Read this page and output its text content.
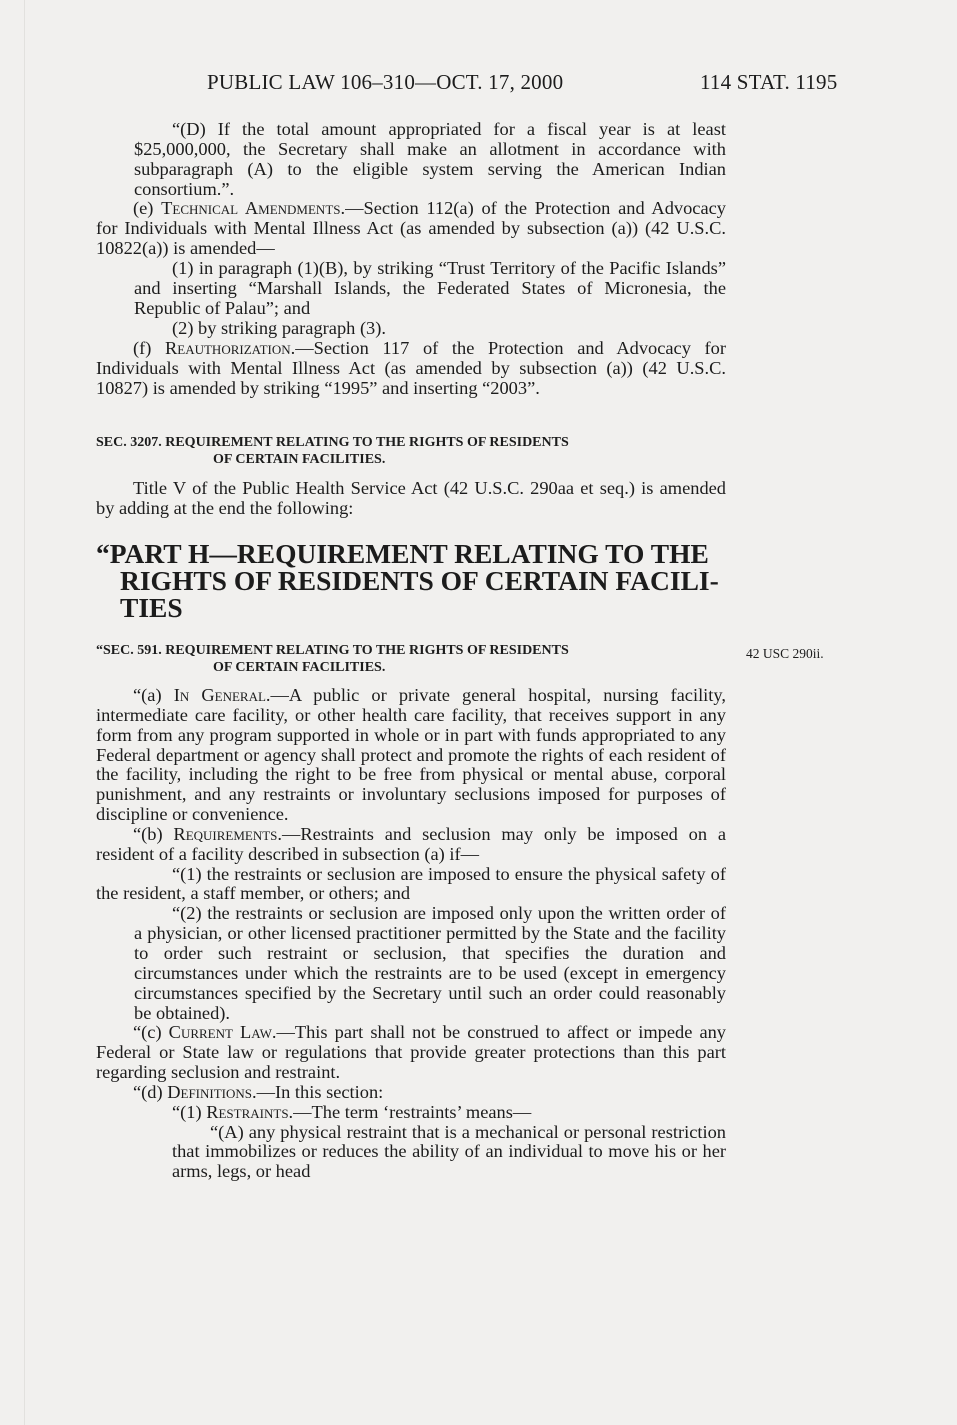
PUBLIC LAW 106–310—OCT. 17, 2000	114 STAT. 1195

“(D) If the total amount appropriated for a fiscal year is at least $25,000,000, the Secretary shall make an allotment in accordance with subparagraph (A) to the eligible system serving the American Indian consortium.”.

(e) Technical Amendments.—Section 112(a) of the Protection and Advocacy for Individuals with Mental Illness Act (as amended by subsection (a)) (42 U.S.C. 10822(a)) is amended—

(1) in paragraph (1)(B), by striking “Trust Territory of the Pacific Islands” and inserting “Marshall Islands, the Federated States of Micronesia, the Republic of Palau”; and

(2) by striking paragraph (3).

(f) Reauthorization.—Section 117 of the Protection and Advocacy for Individuals with Mental Illness Act (as amended by subsection (a)) (42 U.S.C. 10827) is amended by striking “1995” and inserting “2003”.

SEC. 3207. REQUIREMENT RELATING TO THE RIGHTS OF RESIDENTS
OF CERTAIN FACILITIES.

Title V of the Public Health Service Act (42 U.S.C. 290aa et seq.) is amended by adding at the end the following:

“PART H—REQUIREMENT RELATING TO THE
RIGHTS OF RESIDENTS OF CERTAIN FACILI-
TIES

“SEC. 591. REQUIREMENT RELATING TO THE RIGHTS OF RESIDENTS
OF CERTAIN FACILITIES.

42 USC 290ii.

“(a) In General.—A public or private general hospital, nursing facility, intermediate care facility, or other health care facility, that receives support in any form from any program supported in whole or in part with funds appropriated to any Federal department or agency shall protect and promote the rights of each resident of the facility, including the right to be free from physical or mental abuse, corporal punishment, and any restraints or involuntary seclusions imposed for purposes of discipline or convenience.

“(b) Requirements.—Restraints and seclusion may only be imposed on a resident of a facility described in subsection (a) if—

“(1) the restraints or seclusion are imposed to ensure the physical safety of the resident, a staff member, or others; and

“(2) the restraints or seclusion are imposed only upon the written order of a physician, or other licensed practitioner permitted by the State and the facility to order such restraint or seclusion, that specifies the duration and circumstances under which the restraints are to be used (except in emergency circumstances specified by the Secretary until such an order could reasonably be obtained).

“(c) Current Law.—This part shall not be construed to affect or impede any Federal or State law or regulations that provide greater protections than this part regarding seclusion and restraint.

“(d) Definitions.—In this section:

“(1) Restraints.—The term ‘restraints’ means—

“(A) any physical restraint that is a mechanical or personal restriction that immobilizes or reduces the ability of an individual to move his or her arms, legs, or head
